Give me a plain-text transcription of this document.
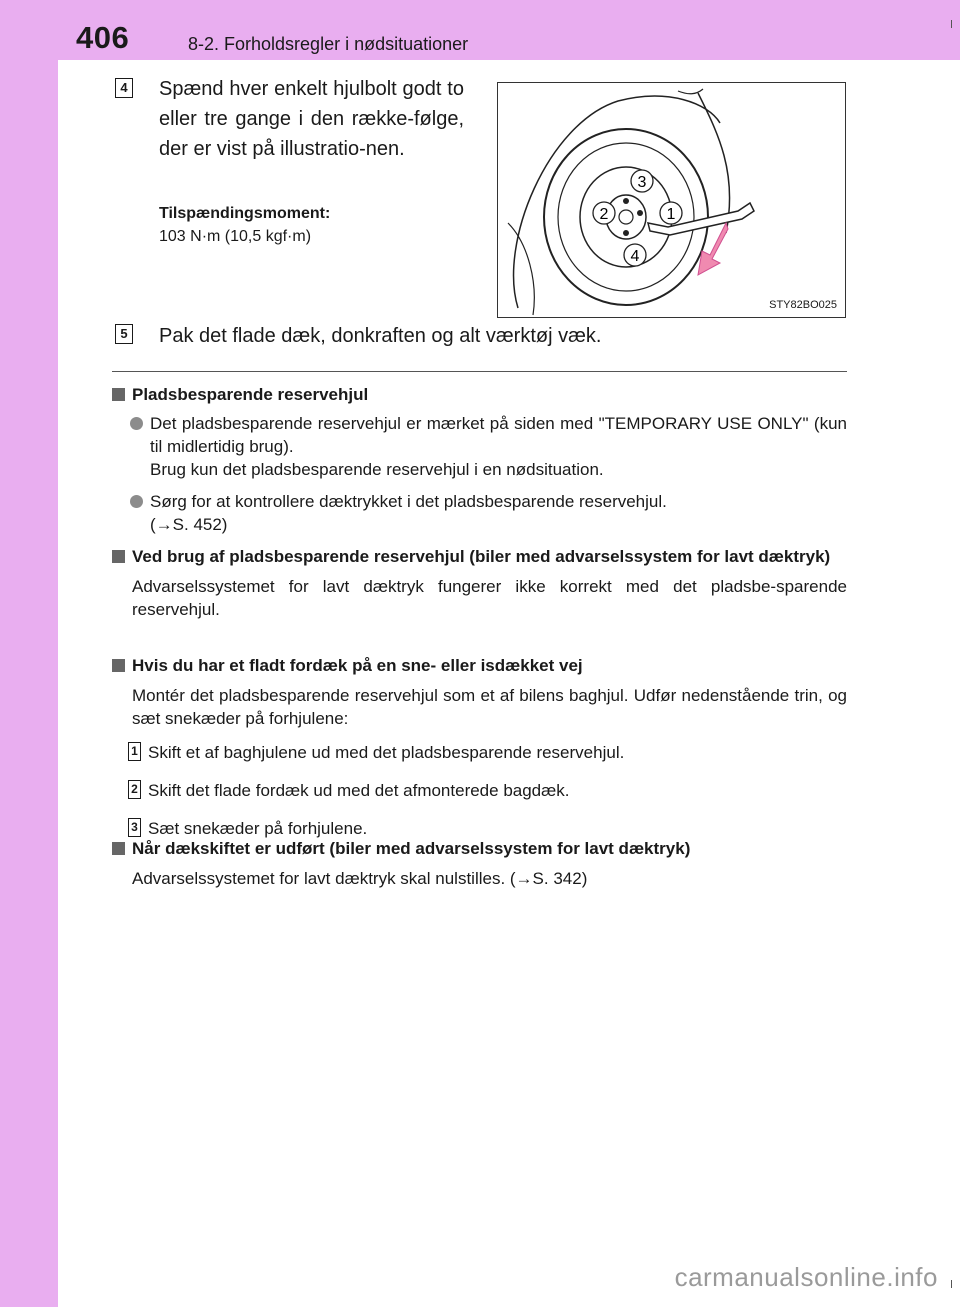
406	8-2. Forholdsregler i nødsituationer
4 Spænd hver enkelt hjulbolt godt to eller tre gange i den række-følge, der er vist på illustratio-nen.
Tilspændingsmoment:
103 N·m (10,5 kgf·m)
1
2
3
4
STY82BO025
5 Pak det flade dæk, donkraften og alt værktøj væk.
Pladsbesparende reservehjul
Det pladsbesparende reservehjul er mærket på siden med "TEMPORARY USE ONLY" (kun til midlertidig brug).
Brug kun det pladsbesparende reservehjul i en nødsituation.
Sørg for at kontrollere dæktrykket i det pladsbesparende reservehjul.
(→S. 452)
Ved brug af pladsbesparende reservehjul (biler med advarselssystem for lavt dæktryk)
Advarselssystemet for lavt dæktryk fungerer ikke korrekt med det pladsbe-sparende reservehjul.
Hvis du har et fladt fordæk på en sne- eller isdækket vej
Montér det pladsbesparende reservehjul som et af bilens baghjul. Udfør nedenstående trin, og sæt snekæder på forhjulene:
1 Skift et af baghjulene ud med det pladsbesparende reservehjul.
2 Skift det flade fordæk ud med det afmonterede bagdæk.
3 Sæt snekæder på forhjulene.
Når dækskiftet er udført (biler med advarselssystem for lavt dæktryk)
Advarselssystemet for lavt dæktryk skal nulstilles. (→S. 342)
carmanualsonline.info
